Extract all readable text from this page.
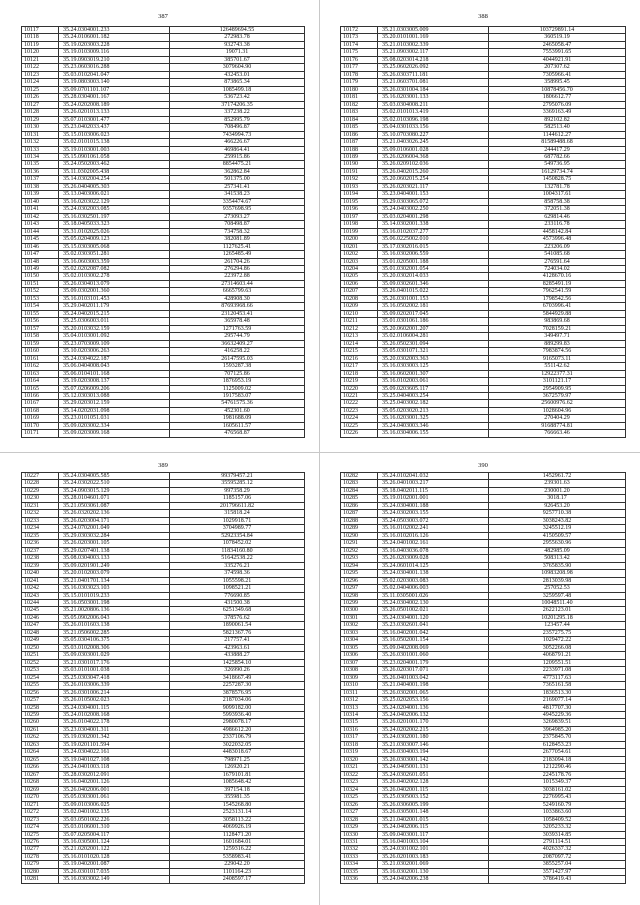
387
10117	35.24.0304001.233	126489694.55
10118	35.24.0106001.182	272983.78
10119	35.19.0203003.228	932743.38
10120	35.19.0103009.116	19071.31
10121	35.19.0903019.210	385701.67
10122	35.23.0603016.288	3079604.90
10123	35.03.0102041.047	432453.01
10124	35.19.0803003.140	873865.34
10125	35.09.0701101.107	1085499.18
10126	35.28.0304001.167	536723.42
10127	35.24.0202008.189	37174206.35
10128	35.26.0201013.133	337238.22
10129	35.07.0103001.477	852995.79
10130	35.23.0402033.437	708496.87
10131	35.15.0103006.023	7434994.73
10132	35.02.0101015.138	466226.67
10133	35.19.0103001.003	469864.41
10134	35.15.0901061.058	259915.86
10135	35.24.0502003.462	8854475.21
10136	35.11.0302005.438	362862.84
10137	35.14.0302004.254	501375.00
10138	35.26.0404005.303	257341.41
10139	35.13.0403006.021	341538.23
10140	35.16.0203022.129	3354474.67
10141	35.24.0302003.085	9357698.95
10142	35.16.0302501.197	273093.27
10143	35.18.0405033.323	708498.87
10144	35.31.0102025.026	734758.32
10145	35.05.0204009.123	382081.89
10146	35.15.0303005.068	1127625.41
10147	35.02.0303051.281	1265485.49
10148	35.16.0603003.359	261704.26
10149	35.02.0202087.082	276294.86
10150	35.02.0103002.278	223972.88
10151	35.26.0304013.079	27314603.44
10152	35.09.0302001.360	6665799.63
10153	35.16.0103101.453	428908.30
10154	35.29.0402011.179	87693968.66
10155	35.24.0402015.215	23120453.41
10156	35.25.0306003.011	365978.48
10157	35.20.0103032.159	1271763.59
10158	35.04.0103001.092	295744.79
10159	35.23.0703009.109	36632409.27
10160	35.10.0203006.263	416258.22
10161	35.24.0304022.187	26147595.03
10162	35.06.0404008.043	1593287.38
10163	35.06.0104101.168	707125.86
10164	35.19.0203008.137	1876953.19
10165	35.07.0206009.206	1125009.02
10166	35.12.0303013.088	1917583.07
10167	35.29.0203012.159	54761575.36
10168	35.14.0202031.098	452301.60
10169	35.23.0101051.031	1981688.09
10170	35.09.0203002.334	1605611.57
10171	35.09.0203009.168	476568.87
388
10172	35.21.0303005.009	103729891.14
10173	35.20.0101001.169	360519.19
10174	35.21.0103002.339	2465058.47
10175	35.21.0903002.117	7553991.65
10176	35.08.0203014.218	4044921.91
10177	35.25.0602026.092	207307.62
10178	35.26.0303711.181	7305966.41
10179	35.21.0603701.081	358995.45
10180	35.26.0301004.184	10878456.70
10181	35.16.0203001.133	1806612.77
10182	35.03.0304008.211	2795076.09
10183	35.02.0101013.419	3369163.49
10184	35.02.0103096.198	892102.82
10185	35.04.0301033.156	582513.40
10186	35.10.0703080.227	1144612.27
10187	35.21.0403026.245	81589488.68
10188	35.09.0106001.028	244417.29
10189	35.26.0206004.368	687782.66
10190	35.26.0209102.036	549736.95
10191	35.26.0402015.260	16129734.74
10192	35.20.0602015.254	1450828.75
10193	35.26.0203021.117	132781.78
10194	35.23.0404001.153	1004317.61
10195	35.29.0303065.072	858758.38
10196	35.24.0403002.250	372051.38
10197	35.03.0204001.298	629814.46
10198	35.14.0302001.338	233116.78
10199	35.16.0102037.277	4458142.84
10200	35.06.0225002.010	4573996.48
10201	35.17.0302016.015	223206.09
10202	35.16.0302006.559	541085.68
10203	35.01.0205001.188	276591.64
10204	35.01.0302001.054	724034.02
10205	35.20.0302014.033	4128670.16
10206	35.09.0302601.346	8285491.19
10207	35.26.0401015.022	7962541.59
10208	35.26.0301001.153	1798542.56
10209	35.16.0502002.181	6703996.41
10210	35.09.0202017.045	5844929.88
10211	35.01.0301061.186	983869.68
10212	35.20.0602001.207	7028159.21
10213	35.02.0106004.281	349497.71
10214	35.26.0502301.094	889299.83
10215	35.05.0301071.321	7983874.56
10216	35.20.0302003.363	9165073.11
10217	35.16.0303003.125	551142.62
10218	35.16.0602001.307	12922377.31
10219	35.16.0102003.061	3101121.17
10220	35.09.0203605.117	2954909.95
10221	35.25.0404003.254	3672579.97
10222	35.25.0403002.182	25600976.62
10223	35.05.0203020.213	1028604.96
10224	35.16.0203001.325	270404.29
10225	35.24.0403003.346	91688774.81
10226	35.16.0304006.155	766663.46
389
10227	35.24.0304005.585	99379457.21
10228	35.24.0302022.510	35595285.12
10229	35.24.0903015.129	997358.29
10230	35.28.0104601.071	1185157.06
10231	35.21.0503061.087	201796611.82
10232	35.26.0320202.136	315818.24
10233	35.26.0203004.171	1029918.71
10234	35.24.0702001.049	3704989.77
10235	35.29.0303032.284	52923354.84
10236	35.26.0203001.105	1078452.02
10237	35.29.0207401.138	11834160.80
10238	35.08.0304003.133	51642538.22
10239	35.09.0201901.249	335276.21
10240	35.20.0102003.079	374598.36
10241	35.21.0401701.134	1055598.21
10242	35.16.0303023.103	1098521.21
10243	35.15.0101019.233	776690.85
10244	35.16.0503001.198	431500.38
10245	35.21.0020806.136	6251349.68
10246	35.05.0902006.043	378576.62
10247	35.26.0101603.138	1890061.54
10248	35.21.0506002.285	5821367.76
10249	35.05.0304106.375	217757.41
10250	35.03.0102008.306	423963.61
10251	35.09.0303001.029	433888.27
10252	35.21.0301017.176	1425854.10
10253	35.03.0101001.038	326990.26
10254	35.25.0303047.418	3418667.49
10255	35.26.0103006.339	2257287.30
10256	35.26.0301006.214	3878576.95
10257	35.26.0105002.023	2187034.06
10258	35.24.0304001.115	9099182.00
10259	35.24.0102008.168	5993936.40
10260	35.26.0104022.178	2980078.17
10261	35.23.0304001.311	4986612.20
10262	35.19.0302001.342	2337106.79
10263	35.19.0201101.594	3022032.05
10264	35.24.0304022.161	4483018.67
10265	35.19.0401027.108	798971.25
10266	35.24.0401003.118	126920.21
10267	35.28.0302012.091	1679101.81
10268	35.16.0402001.126	1085648.42
10269	35.26.0402006.001	397154.18
10270	35.05.0303001.061	355981.35
10271	35.09.0103006.025	1545268.80
10272	35.02.0401002.135	2523131.14
10273	35.03.0501002.226	3058113.22
10274	35.03.0106001.310	4069926.19
10275	35.07.0205004.117	1128471.20
10276	35.16.0305001.124	1601684.01
10277	35.21.0202001.122	1259316.22
10278	35.16.0101020.128	5358983.41
10279	35.19.0402001.087	229042.20
10280	35.26.0301017.035	1101164.23
10281	35.16.0303002.149	2408597.17
390
10282	35.24.0102041.032	1452961.72
10283	35.26.0401003.217	239301.63
10284	35.18.0402011.115	230001.20
10285	35.19.0102001.001	3018.17
10286	35.24.0304001.188	926453.20
10287	35.24.0302003.155	9257710.38
10288	35.24.0503003.072	3038243.82
10289	35.16.0102002.241	3245512.19
10290	35.16.0102016.126	4150509.57
10291	35.24.0401002.161	2955630.96
10292	35.16.0403036.078	482985.09
10293	35.26.0203009.028	508313.42
10294	35.24.0601014.125	3765835.90
10295	35.24.0304001.138	10983208.98
10296	35.02.0203003.083	2813039.98
10297	35.02.0404006.003	257052.53
10298	35.11.0305001.026	3259597.48
10299	35.24.0304002.130	10048511.40
10300	35.26.0501002.021	2622123.01
10301	35.24.0304001.120	10201295.18
10302	35.23.0302601.041	123457.44
10303	35.16.0402001.042	2357275.75
10304	35.16.0502001.154	1029472.22
10305	35.09.0402008.069	3052266.08
10306	35.26.0301001.060	4068791.21
10307	35.23.0204001.179	1209551.51
10308	35.26.0203017.071	2233971.08
10309	35.26.0401003.042	4773117.63
10310	35.21.0404001.198	7365161.58
10311	35.26.0302001.065	1836513.30
10312	35.25.0202053.156	2169077.14
10313	35.24.0204001.136	4817707.30
10314	35.24.0402006.132	4945229.36
10315	35.26.0201001.170	3269839.51
10316	35.24.0202002.215	3964985.20
10317	35.24.0302001.180	2375845.70
10318	35.21.0303007.146	6128453.23
10319	35.26.0304003.194	2677054.61
10320	35.26.0303001.142	2183094.18
10321	35.24.0405001.131	1212290.46
10322	35.24.0302601.051	2245178.76
10323	35.26.0402002.128	1015349.37
10324	35.26.0402001.115	3038161.02
10325	35.25.0305003.152	2276995.43
10326	35.26.0306005.199	5249160.79
10327	35.26.0305001.148	1033863.60
10328	35.21.0402001.015	1058409.52
10329	35.24.0402006.115	3205233.32
10330	35.09.0403001.117	3039314.85
10331	35.16.0401003.104	2791114.51
10332	35.24.0301002.101	4026337.32
10333	35.26.0201003.183	2087097.72
10334	35.21.0302001.069	3855257.04
10335	35.16.0302001.130	3571427.97
10336	35.24.0402006.238	3786419.43
